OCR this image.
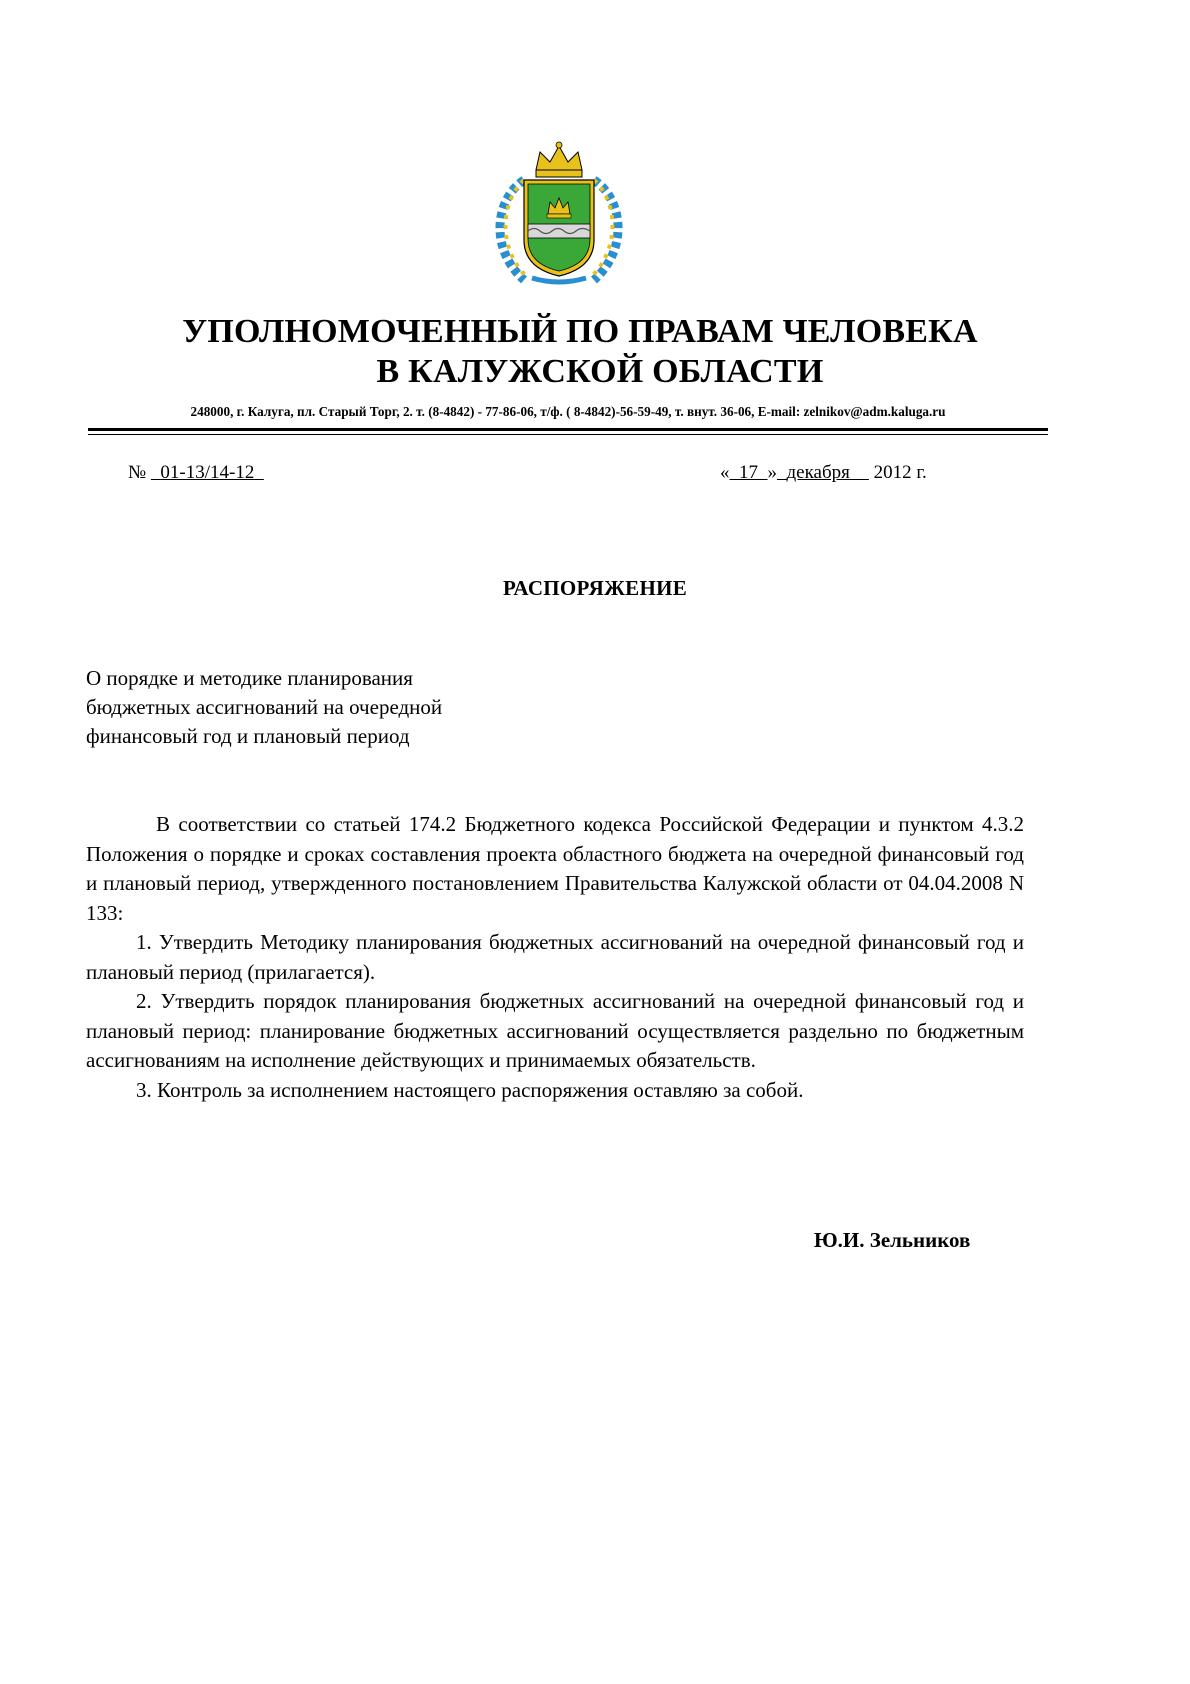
УПОЛНОМОЧЕННЫЙ ПО ПРАВАМ ЧЕЛОВЕКА
В КАЛУЖСКОЙ ОБЛАСТИ
248000, г. Калуга, пл. Старый Торг, 2. т. (8-4842) - 77-86-06, т/ф. ( 8-4842)-56-59-49, т. внут. 36-06, E-mail: zelnikov@adm.kaluga.ru
№ 01-13/14-12	« 17 » декабря 2012 г.
РАСПОРЯЖЕНИЕ
О порядке и методике планирования
бюджетных ассигнований на очередной
финансовый год и плановый период

В соответствии со статьей 174.2 Бюджетного кодекса Российской Федерации и пунктом 4.3.2 Положения о порядке и сроках составления проекта областного бюджета на очередной финансовый год и плановый период, утвержденного постановлением Правительства Калужской области от 04.04.2008 N 133:

1. Утвердить Методику планирования бюджетных ассигнований на очередной финансовый год и плановый период (прилагается).

2. Утвердить порядок планирования бюджетных ассигнований на очередной финансовый год и плановый период: планирование бюджетных ассигнований осуществляется раздельно по бюджетным ассигнованиям на исполнение действующих и принимаемых обязательств.

3. Контроль за исполнением настоящего распоряжения оставляю за собой.

Ю.И. Зельников
